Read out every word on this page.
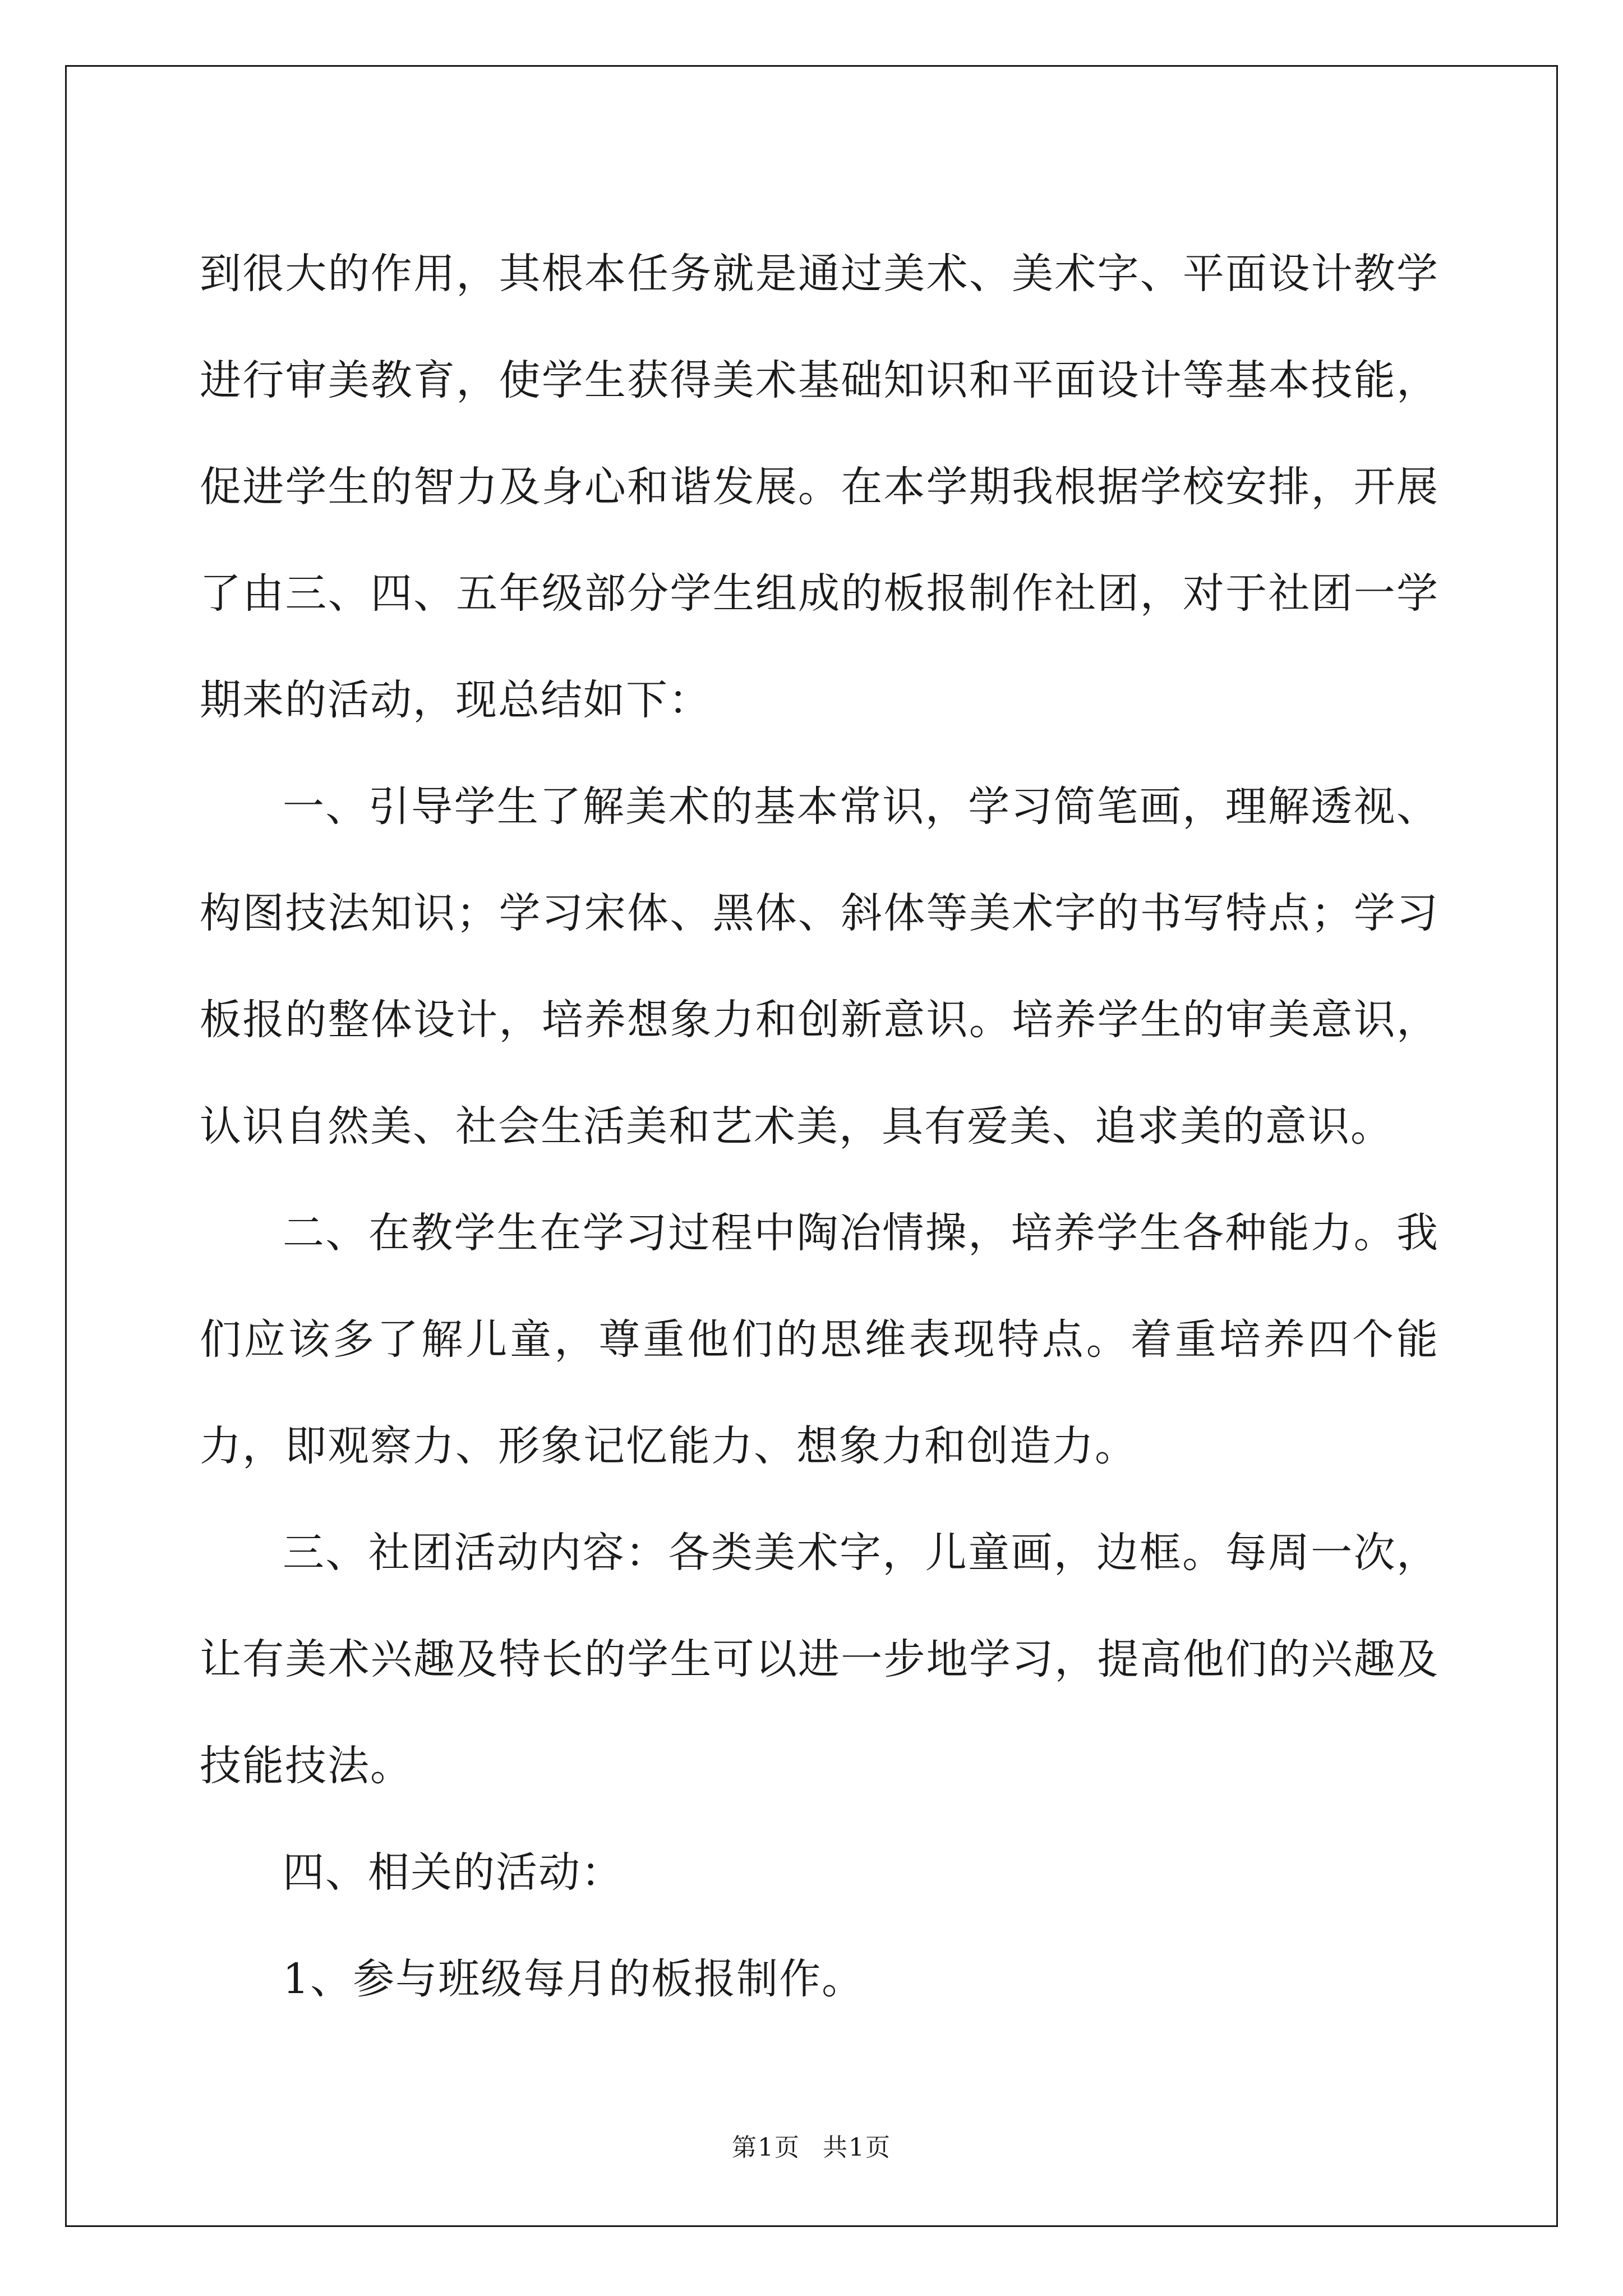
到很大的作用，其根本任务就是通过美术、美术字、平面设计教学进行审美教育，使学生获得美术基础知识和平面设计等基本技能，促进学生的智力及身心和谐发展。在本学期我根据学校安排，开展了由三、四、五年级部分学生组成的板报制作社团，对于社团一学期来的活动，现总结如下：

一、引导学生了解美术的基本常识，学习简笔画，理解透视、构图技法知识；学习宋体、黑体、斜体等美术字的书写特点；学习板报的整体设计，培养想象力和创新意识。培养学生的审美意识，认识自然美、社会生活美和艺术美，具有爱美、追求美的意识。

二、在教学生在学习过程中陶冶情操，培养学生各种能力。我们应该多了解儿童，尊重他们的思维表现特点。着重培养四个能力，即观察力、形象记忆能力、想象力和创造力。

三、社团活动内容：各类美术字，儿童画，边框。每周一次，让有美术兴趣及特长的学生可以进一步地学习，提高他们的兴趣及技能技法。

四、相关的活动：

1、参与班级每月的板报制作。

第1页 共1页
